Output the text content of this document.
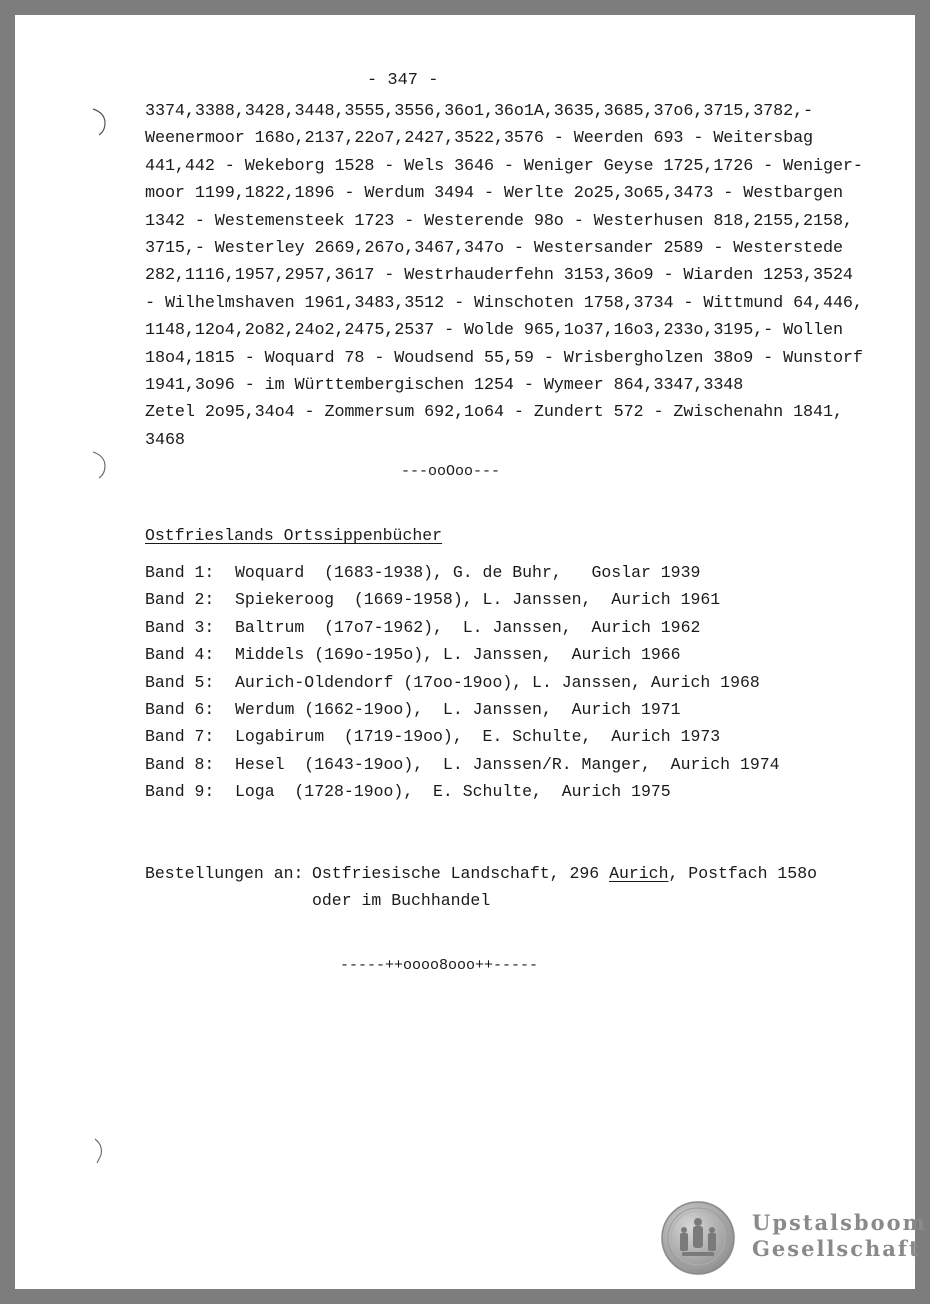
- 347 -
3374,3388,3428,3448,3555,3556,36o1,36o1A,3635,3685,37o6,3715,3782,-
Weenermoor 168o,2137,22o7,2427,3522,3576 - Weerden 693 - Weitersbag
441,442 - Wekeborg 1528 - Wels 3646 - Weniger Geyse 1725,1726 - Weniger-
moor 1199,1822,1896 - Werdum 3494 - Werlte 2o25,3o65,3473 - Westbargen
1342 - Westemensteek 1723 - Westerende 98o - Westerhusen 818,2155,2158,
3715,- Westerley 2669,267o,3467,347o - Westersander 2589 - Westerstede
282,1116,1957,2957,3617 - Westrhauderfehn 3153,36o9 - Wiarden 1253,3524
- Wilhelmshaven 1961,3483,3512 - Winschoten 1758,3734 - Wittmund 64,446,
1148,12o4,2o82,24o2,2475,2537 - Wolde 965,1o37,16o3,233o,3195,- Wollen
18o4,1815 - Woquard 78 - Woudsend 55,59 - Wrisbergholzen 38o9 - Wunstorf
1941,3o96 - im Württembergischen 1254 - Wymeer 864,3347,3348
Zetel 2o95,34o4 - Zommersum 692,1o64 - Zundert 572 - Zwischenahn 1841,
3468
---ooOoo---
Ostfrieslands Ortssippenbücher
Band 1:	Woquard  (1683-1938), G. de Buhr,   Goslar 1939
Band 2:	Spiekeroog  (1669-1958), L. Janssen,  Aurich 1961
Band 3:	Baltrum  (17o7-1962),  L. Janssen,  Aurich 1962
Band 4:	Middels (169o-195o), L. Janssen,  Aurich 1966
Band 5:	Aurich-Oldendorf (17oo-19oo), L. Janssen, Aurich 1968
Band 6:	Werdum (1662-19oo),  L. Janssen,  Aurich 1971
Band 7:	Logabirum  (1719-19oo),  E. Schulte,  Aurich 1973
Band 8:	Hesel  (1643-19oo),  L. Janssen/R. Manger,  Aurich 1974
Band 9:	Loga  (1728-19oo),  E. Schulte,  Aurich 1975
Bestellungen an: Ostfriesische Landschaft, 296 Aurich, Postfach 158o
oder im Buchhandel
-----++oooo8ooo++-----
Upstalsboom
Gesellschaft
